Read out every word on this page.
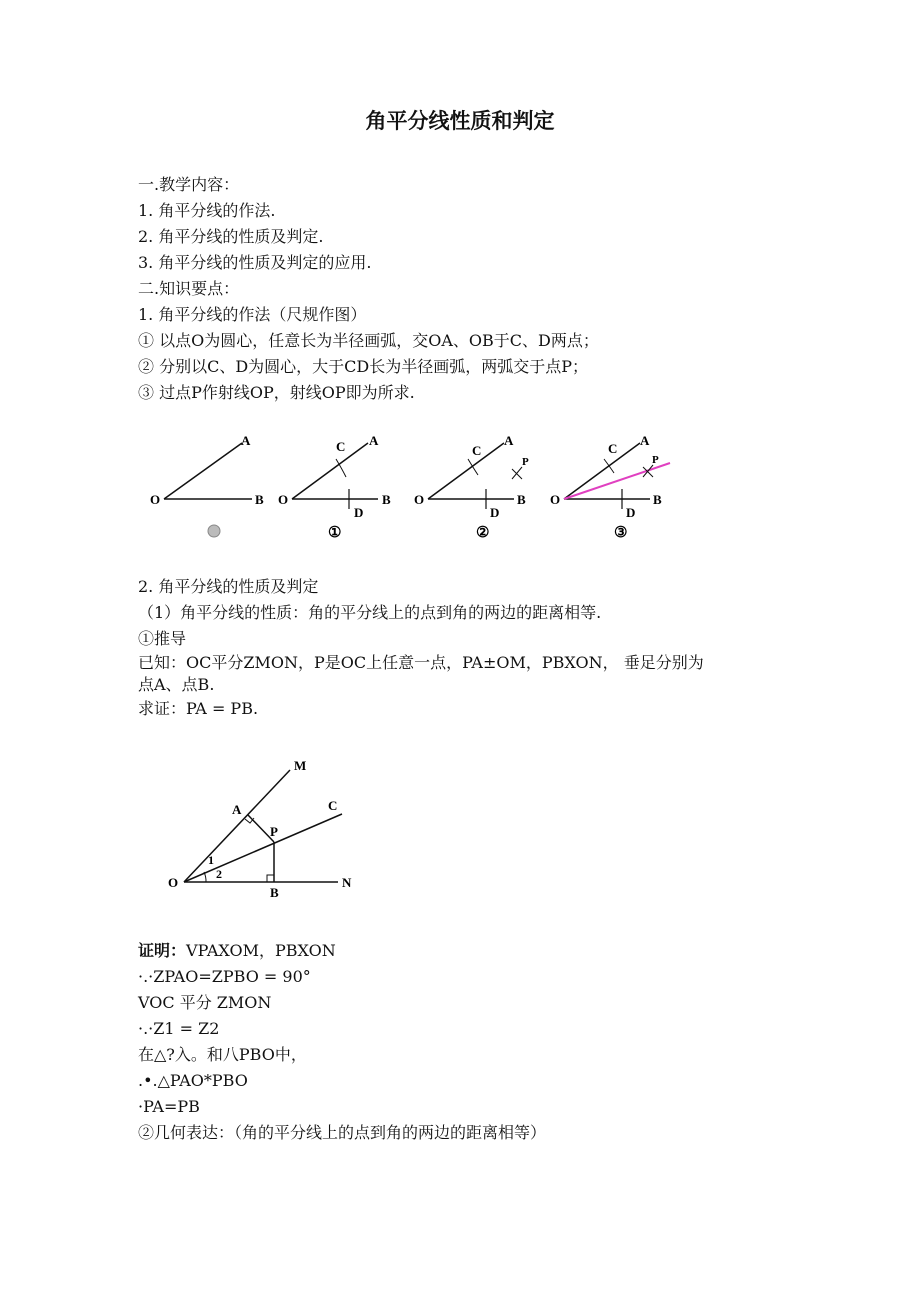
角平分线性质和判定
一.教学内容：
1. 角平分线的作法.
2. 角平分线的性质及判定.
3. 角平分线的性质及判定的应用.
二.知识要点：
1. 角平分线的作法（尺规作图）
① 以点O为圆心，任意长为半径画弧，交OA、OB于C、D两点；
② 分别以C、D为圆心，大于CD长为半径画弧，两弧交于点P；
③ 过点P作射线OP，射线OP即为所求.
O
A
B O
A
B
C
D
①
O
A
B
C
D
P
②
O
A
B
C
D
P
③
2. 角平分线的性质及判定
（1）角平分线的性质：角的平分线上的点到角的两边的距离相等.
①推导
已知：OC平分ZMON，P是OC上任意一点，PA±OM，PBXON， 垂足分别为
点A、点B.
求证：PA = PB.
M
A	C
P
O	N
B
1
2
证明：VPAXOM，PBXON
·.·ZPAO=ZPBO = 90°
VOC 平分 ZMON
·.·Z1 = Z2
在△?入。和八PBO中，
.•.△PAO*PBO
·PA=PB
②几何表达：（角的平分线上的点到角的两边的距离相等）
